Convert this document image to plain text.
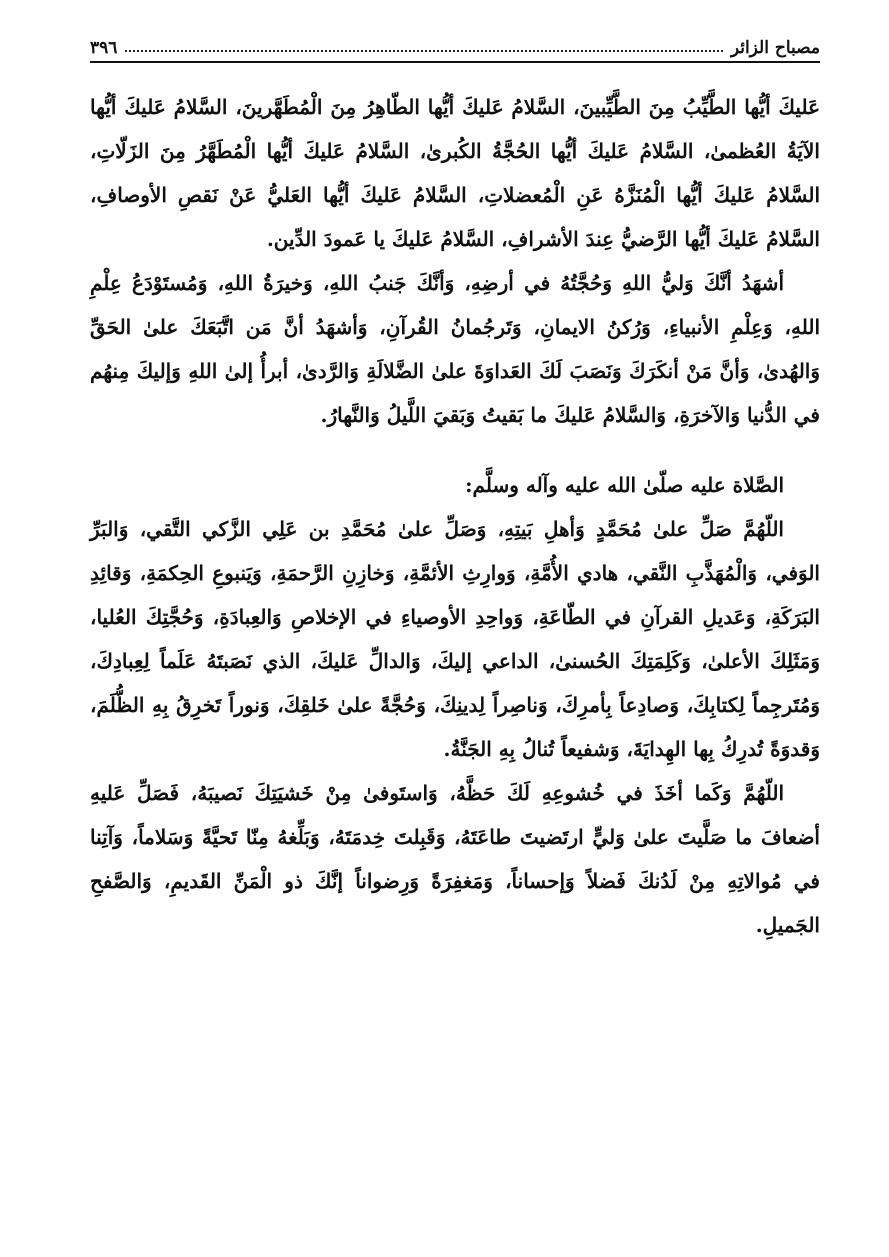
٣٩٦	مصباح الزائر

عَليكَ أيُّها الطَّيِّبُ مِنَ الطَّيِّبينَ، السَّلامُ عَليكَ أيُّها الطّاهِرُ مِنَ الْمُطَهَّرينَ، السَّلامُ عَليكَ أيُّها الآيَةُ العُظمىٰ، السَّلامُ عَليكَ أيُّها الحُجَّةُ الكُبرىٰ، السَّلامُ عَليكَ أيُّها الْمُطَهَّرُ مِنَ الزَلّاتِ، السَّلامُ عَليكَ أيُّها الْمُنَزَّهُ عَنِ الْمُعضلاتِ، السَّلامُ عَليكَ أيُّها العَليُّ عَنْ نَقصِ الأوصافِ، السَّلامُ عَليكَ أيُّها الرَّضيُّ عِندَ الأشرافِ، السَّلامُ عَليكَ يا عَمودَ الدِّين.

أشهَدُ أنَّكَ وَليُّ اللهِ وَحُجَّتُهُ في أرضِهِ، وَأنَّكَ جَنبُ اللهِ، وَخيرَةُ اللهِ، وَمُستَوْدَعُ عِلْمِ اللهِ، وَعِلْمِ الأنبياءِ، وَرُكنُ الايمانِ، وَتَرجُمانُ القُرآنِ، وَأشهَدُ أنَّ مَن اتَّبَعَكَ علىٰ الحَقِّ وَالهُدىٰ، وَأنَّ مَنْ أنكَرَكَ وَنَصَبَ لَكَ العَداوَةَ علىٰ الضَّلالَةِ وَالرَّدىٰ، أبرأُ إلىٰ اللهِ وَإليكَ مِنهُم في الدُّنيا وَالآخرَةِ، وَالسَّلامُ عَليكَ ما بَقيتُ وَبَقيَ اللَّيلُ وَالنَّهارُ.

الصَّلاة عليه صلّىٰ الله عليه وآله وسلَّم:

اللّهُمَّ صَلِّ علىٰ مُحَمَّدٍ وَأهلِ بَيتِهِ، وَصَلِّ علىٰ مُحَمَّدِ بن عَلِي الزَّكي التَّقي، وَالبَرِّ الوَفي، وَالْمُهَذَّبِ النَّقي، هادي الأُمَّةِ، وَوارِثِ الأئمَّةِ، وَخازِنِ الرَّحمَةِ، وَيَنبوعِ الحِكمَةِ، وَقائِدِ البَرَكَةِ، وَعَديلِ القرآنِ في الطّاعَةِ، وَواحِدِ الأوصياءِ في الإخلاصِ وَالعِبادَةِ، وَحُجَّتِكَ العُليا، وَمَثَلِكَ الأعلىٰ، وَكَلِمَتِكَ الحُسنىٰ، الداعي إليكَ، وَالدالِّ عَليكَ، الذي نَصَبتَهُ عَلَماً لِعِبادِكَ، وَمُتَرجِماً لِكتابِكَ، وَصادِعاً بِأمرِكَ، وَناصِراً لِدينِكَ، وَحُجَّةً علىٰ خَلقِكَ، وَنوراً تَخرِقُ بِهِ الظُّلَمَ، وَقدوَةً تُدرِكُ بِها الهِدايَةَ، وَشفيعاً تُنالُ بِهِ الجَنَّةُ.

اللّهُمَّ وَكَما أخَذَ في خُشوعِهِ لَكَ حَظَّهُ، وَاستَوفىٰ مِنْ خَشيَتِكَ نَصيبَهُ، فَصَلِّ عَليهِ أضعافَ ما صَلَّيتَ علىٰ وَليٍّ ارتَضيتَ طاعَتَهُ، وَقَبِلتَ خِدمَتَهُ، وَبَلِّغهُ مِنّا تَحيَّةً وَسَلاماً، وَآتِنا في مُوالاتِهِ مِنْ لَدُنكَ فَضلاً وَإحساناً، وَمَغفِرَةً وَرِضواناً إنَّكَ ذو الْمَنِّ القَديمِ، وَالصَّفحِ الجَميلِ.
